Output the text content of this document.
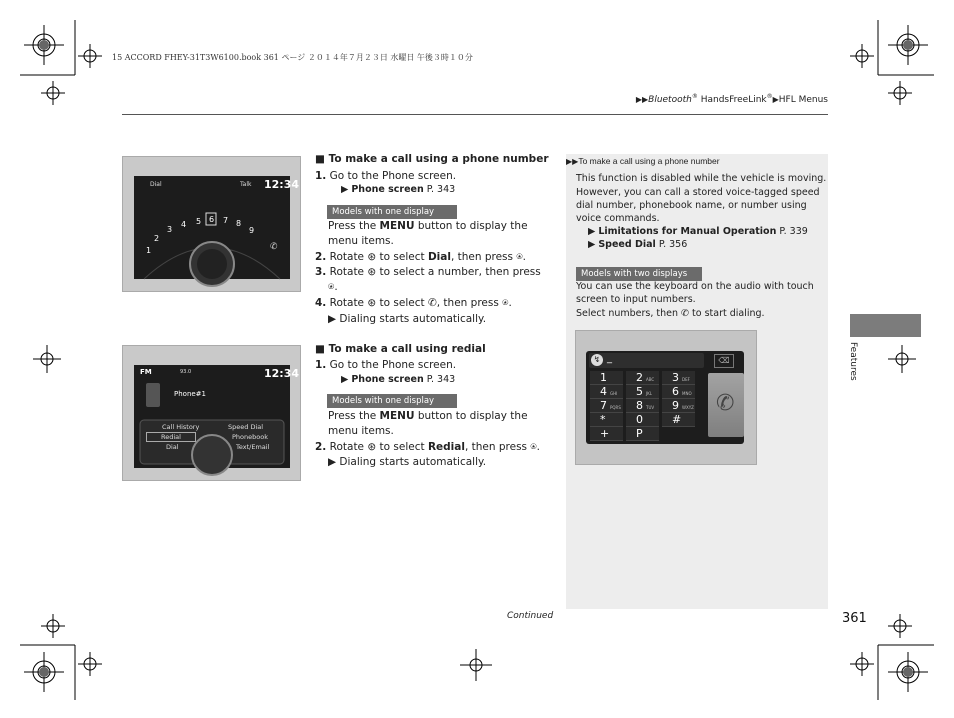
15 ACCORD FHEY-31T3W6100.book 361 ページ ２０１４年７月２３日 水曜日 午後３時１０分
▶▶Bluetooth® HandsFreeLink®▶HFL Menus
Dial	Talk 12:34
1
2
3
4 5 6 7 8
9
✆
■ To make a call using a phone number
1. Go to the Phone screen.
▶ Phone screen P. 343
Models with one display
Press the MENU button to display the
menu items.
2. Rotate ⊛ to select Dial, then press ⍟.
3. Rotate ⊛ to select a number, then press
⍟.
4. Rotate ⊛ to select ✆, then press ⍟.
▶ Dialing starts automatically.
FM	93.0	12:34
Phone#1
Call History	Speed Dial
Redial	Phonebook
Dial	Text/Email
■ To make a call using redial
1. Go to the Phone screen.
▶ Phone screen P. 343
Models with one display
Press the MENU button to display the
menu items.
2. Rotate ⊛ to select Redial, then press ⍟.
▶ Dialing starts automatically.
▶▶To make a call using a phone number
This function is disabled while the vehicle is moving.
However, you can call a stored voice-tagged speed
dial number, phonebook name, or number using
voice commands.
▶ Limitations for Manual Operation P. 339
▶ Speed Dial P. 356
Models with two displays
You can use the keyboard on the audio with touch
screen to input numbers.
Select numbers, then ✆ to start dialing.
↯ _	⌫
✆
1	2 ABC	3 DEF
4 GHI	5 JKL	6 MNO
7 PQRS	8 TUV	9 WXYZ
*	0	#
+	P
Features
Continued	361
